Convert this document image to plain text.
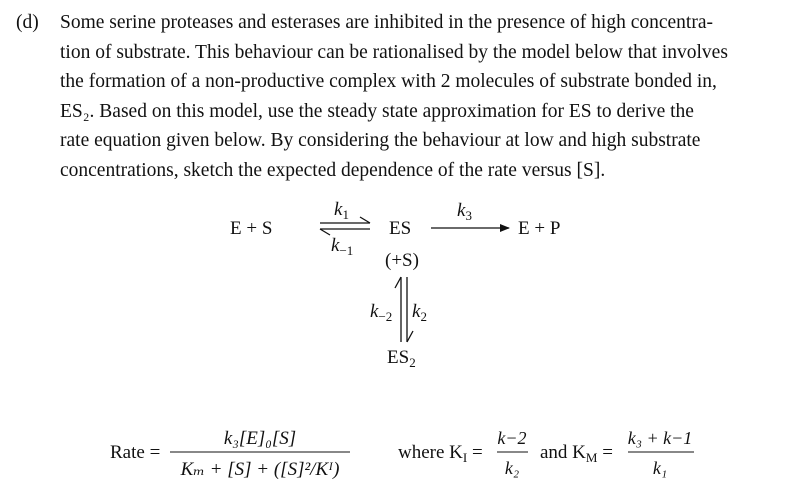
(d) Some serine proteases and esterases are inhibited in the presence of high concentra-
tion of substrate. This behaviour can be rationalised by the model below that involves
the formation of a non-productive complex with 2 molecules of substrate bonded in,
ES₂. Based on this model, use the steady state approximation for ES to derive the
rate equation given below. By considering the behaviour at low and high substrate
concentrations, sketch the expected dependence of the rate versus [S].
E + S
$k_1$
$k_{-1}$
ES
$k_3$
E + P
(+S)
$k_{-2}$ $k_2$
$ES_2$
Rate =
k₃[E]₀[S]
Kₘ + [S] + ([S]²/Kᴵ)
where $K_I$ =
k−2
k₂
and $K_M$ =
k₃ + k−1
k₁
